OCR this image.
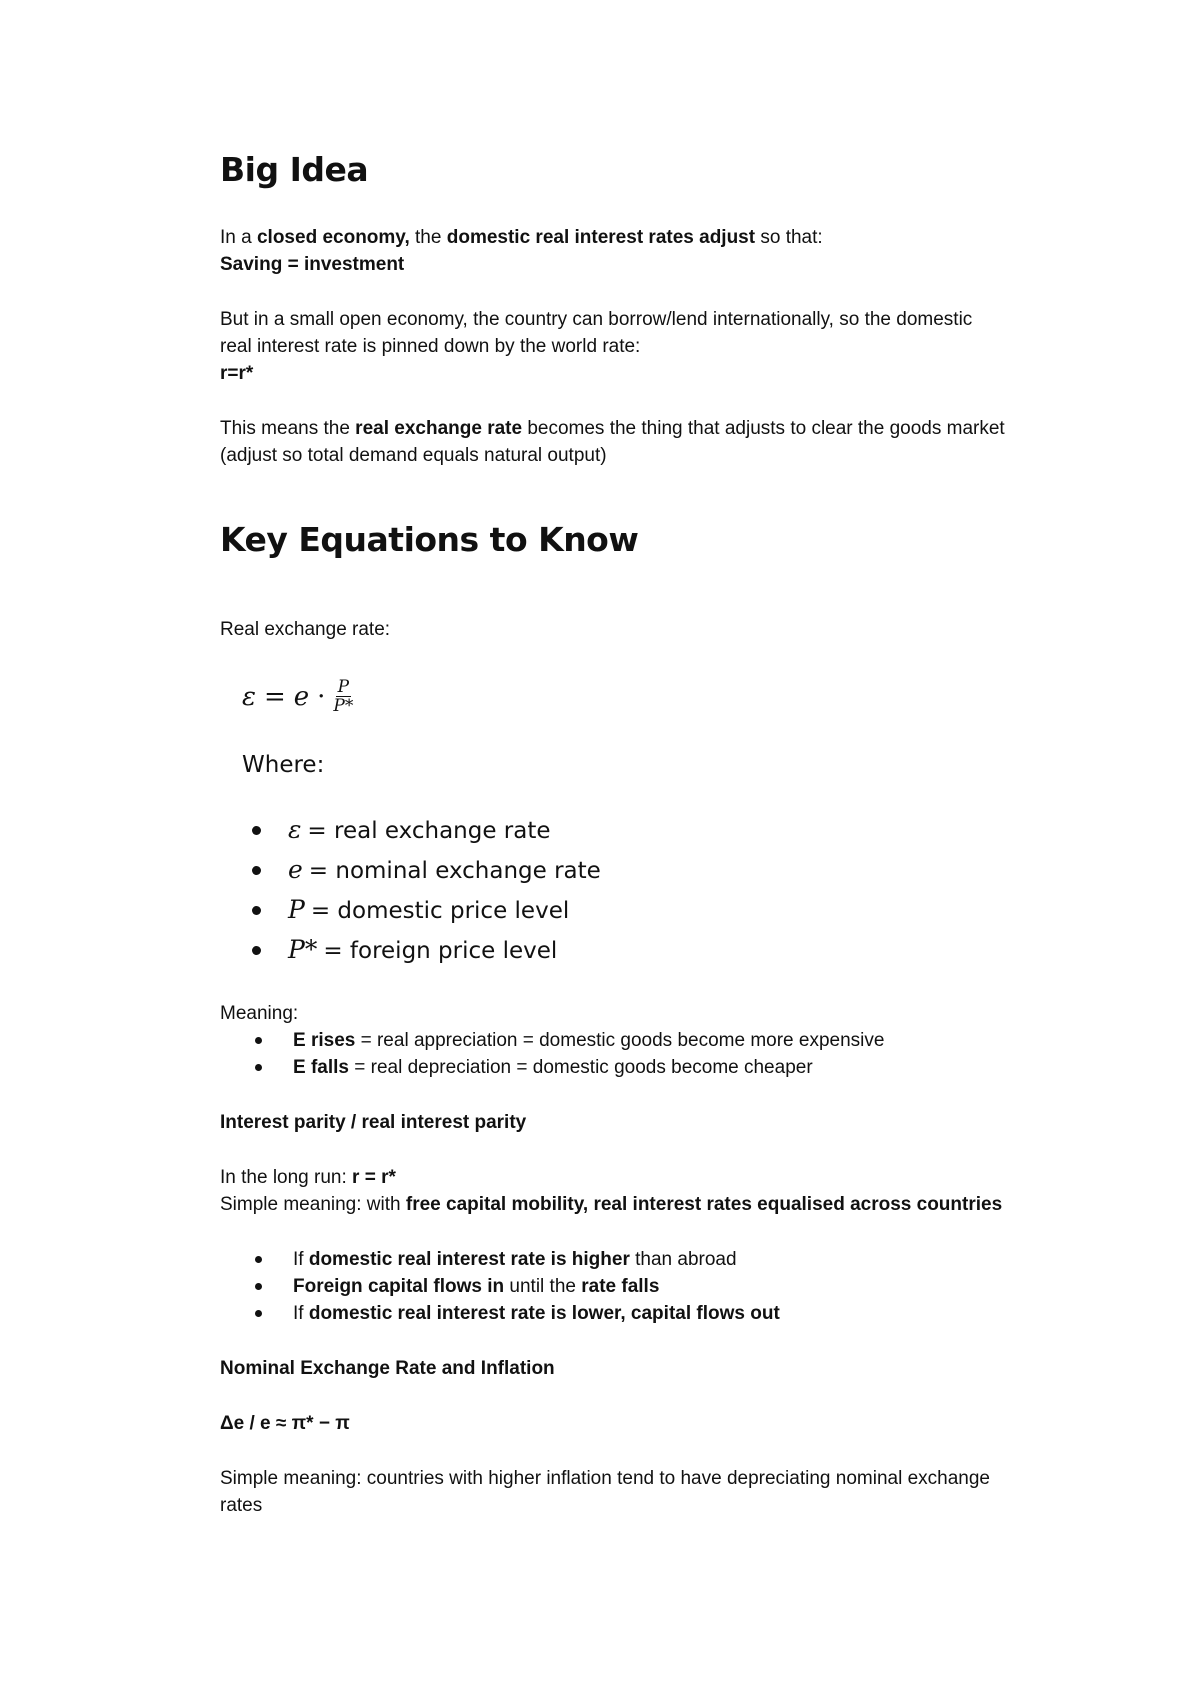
Big Idea
In a closed economy, the domestic real interest rates adjust so that:
Saving = investment
But in a small open economy, the country can borrow/lend internationally, so the domestic
real interest rate is pinned down by the world rate:
r=r*
This means the real exchange rate becomes the thing that adjusts to clear the goods market
(adjust so total demand equals natural output)
Key Equations to Know
Real exchange rate:
$\varepsilon = e \cdot \frac{P}{P*}$
Where:
ε = real exchange rate
e = nominal exchange rate
P = domestic price level
P* = foreign price level
Meaning:
E rises = real appreciation = domestic goods become more expensive
E falls = real depreciation = domestic goods become cheaper
Interest parity / real interest parity
In the long run: r = r*
Simple meaning: with free capital mobility, real interest rates equalised across countries
If domestic real interest rate is higher than abroad
Foreign capital flows in until the rate falls
If domestic real interest rate is lower, capital flows out
Nominal Exchange Rate and Inflation
Δe / e ≈ π* − π
Simple meaning: countries with higher inflation tend to have depreciating nominal exchange
rates
